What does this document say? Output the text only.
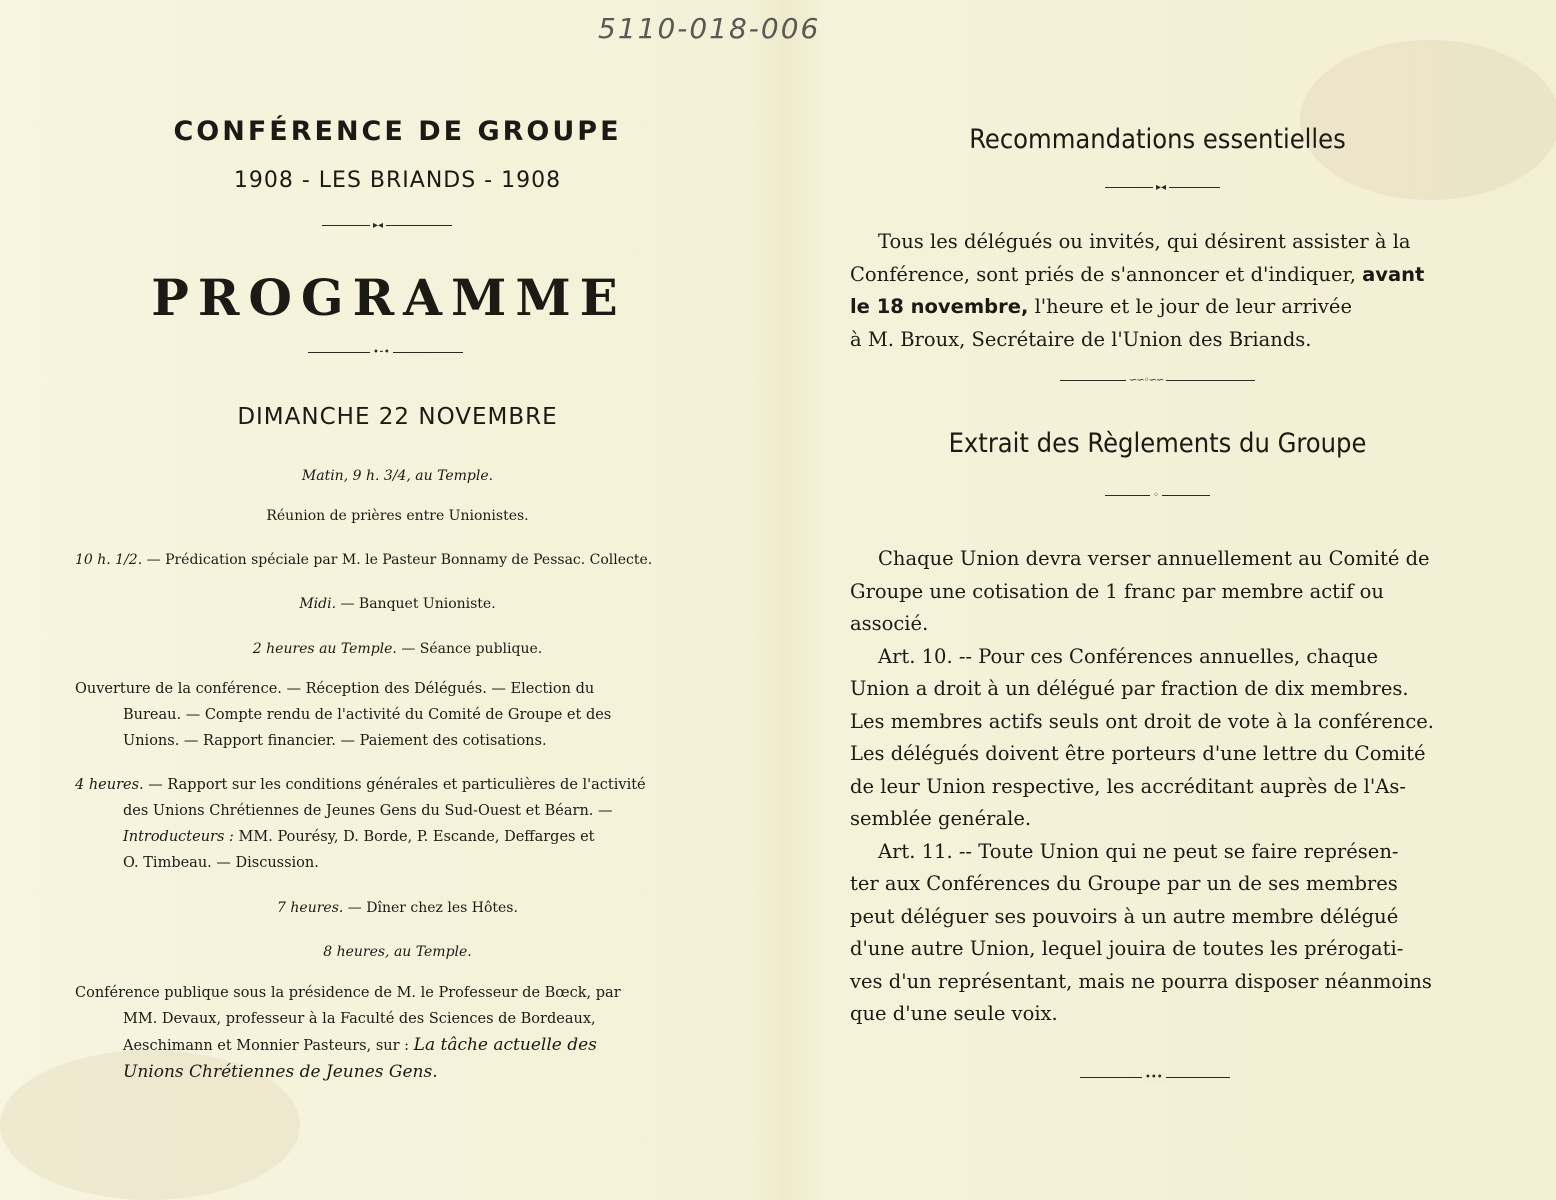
5110-018-006
CONFÉRENCE DE GROUPE
1908 - LES BRIANDS - 1908
▸◂
PROGRAMME
•⁃•
DIMANCHE 22 NOVEMBRE
Matin, 9 h. 3/4, au Temple.
Réunion de prières entre Unionistes.
10 h. 1/2. — Prédication spéciale par M. le Pasteur Bonnamy de Pessac. Collecte.
Midi. — Banquet Unioniste.
2 heures au Temple. — Séance publique.
Ouverture de la conférence. — Réception des Délégués. — Election du
Bureau. — Compte rendu de l'activité du Comité de Groupe et des
Unions. — Rapport financier. — Paiement des cotisations.
4 heures. — Rapport sur les conditions générales et particulières de l'activité
des Unions Chrétiennes de Jeunes Gens du Sud-Ouest et Béarn. —
Introducteurs : MM. Pourésy, D. Borde, P. Escande, Deffarges et
O. Timbeau. — Discussion.
7 heures. — Dîner chez les Hôtes.
8 heures, au Temple.
Conférence publique sous la présidence de M. le Professeur de Bœck, par
MM. Devaux, professeur à la Faculté des Sciences de Bordeaux,
Aeschimann et Monnier Pasteurs, sur : La tâche actuelle des
Unions Chrétiennes de Jeunes Gens.
Recommandations essentielles
▸◂
Tous les délégués ou invités, qui désirent assister à la
Conférence, sont priés de s'annoncer et d'indiquer, avant
le 18 novembre, l'heure et le jour de leur arrivée
à M. Broux, Secrétaire de l'Union des Briands.
∽∽◦∽∽
Extrait des Règlements du Groupe
◦
Chaque Union devra verser annuellement au Comité de
Groupe une cotisation de 1 franc par membre actif ou
associé.
Art. 10. -- Pour ces Conférences annuelles, chaque
Union a droit à un délégué par fraction de dix membres.
Les membres actifs seuls ont droit de vote à la conférence.
Les délégués doivent être porteurs d'une lettre du Comité
de leur Union respective, les accréditant auprès de l'As-
semblée genérale.
Art. 11. -- Toute Union qui ne peut se faire représen-
ter aux Conférences du Groupe par un de ses membres
peut déléguer ses pouvoirs à un autre membre délégué
d'une autre Union, lequel jouira de toutes les prérogati-
ves d'un représentant, mais ne pourra disposer néanmoins
que d'une seule voix.
•••
